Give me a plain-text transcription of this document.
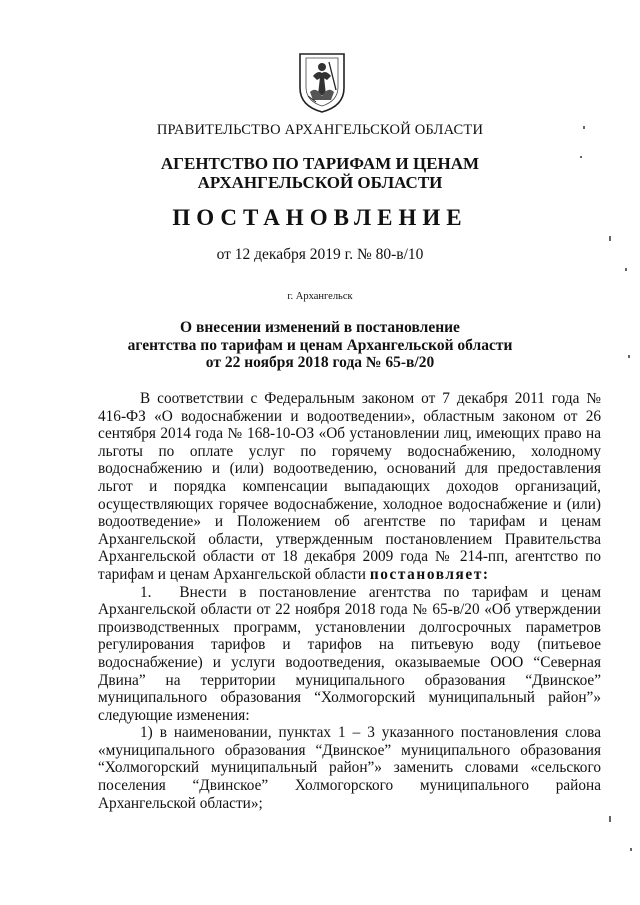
ПРАВИТЕЛЬСТВО АРХАНГЕЛЬСКОЙ ОБЛАСТИ
АГЕНТСТВО ПО ТАРИФАМ И ЦЕНАМ
АРХАНГЕЛЬСКОЙ ОБЛАСТИ
ПОСТАНОВЛЕНИЕ
от 12 декабря 2019 г. № 80-в/10
г. Архангельск
О внесении изменений в постановление
агентства по тарифам и ценам Архангельской области
от 22 ноября 2018 года № 65-в/20

В соответствии с Федеральным законом от 7 декабря 2011 года № 416-ФЗ «О водоснабжении и водоотведении», областным законом от 26 сентября 2014 года № 168-10-ОЗ «Об установлении лиц, имеющих право на льготы по оплате услуг по горячему водоснабжению, холодному водоснабжению и (или) водоотведению, оснований для предоставления льгот и порядка компенсации выпадающих доходов организаций, осуществляющих горячее водоснабжение, холодное водоснабжение и (или) водоотведение» и Положением об агентстве по тарифам и ценам Архангельской области, утвержденным постановлением Правительства Архангельской области от 18 декабря 2009 года № 214-пп, агентство по тарифам и ценам Архангельской области постановляет:

1.  Внести в постановление агентства по тарифам и ценам Архангельской области от 22 ноября 2018 года № 65-в/20 «Об утверждении производственных программ, установлении долгосрочных параметров регулирования тарифов и тарифов на питьевую воду (питьевое водоснабжение) и услуги водоотведения, оказываемые ООО “Северная Двина” на территории муниципального образования “Двинское” муниципального образования “Холмогорский муниципальный район”» следующие изменения:

1) в наименовании, пунктах 1 – 3 указанного постановления слова «муниципального образования “Двинское” муниципального образования “Холмогорский муниципальный район”» заменить словами «сельского поселения “Двинское” Холмогорского муниципального района Архангельской области»;
